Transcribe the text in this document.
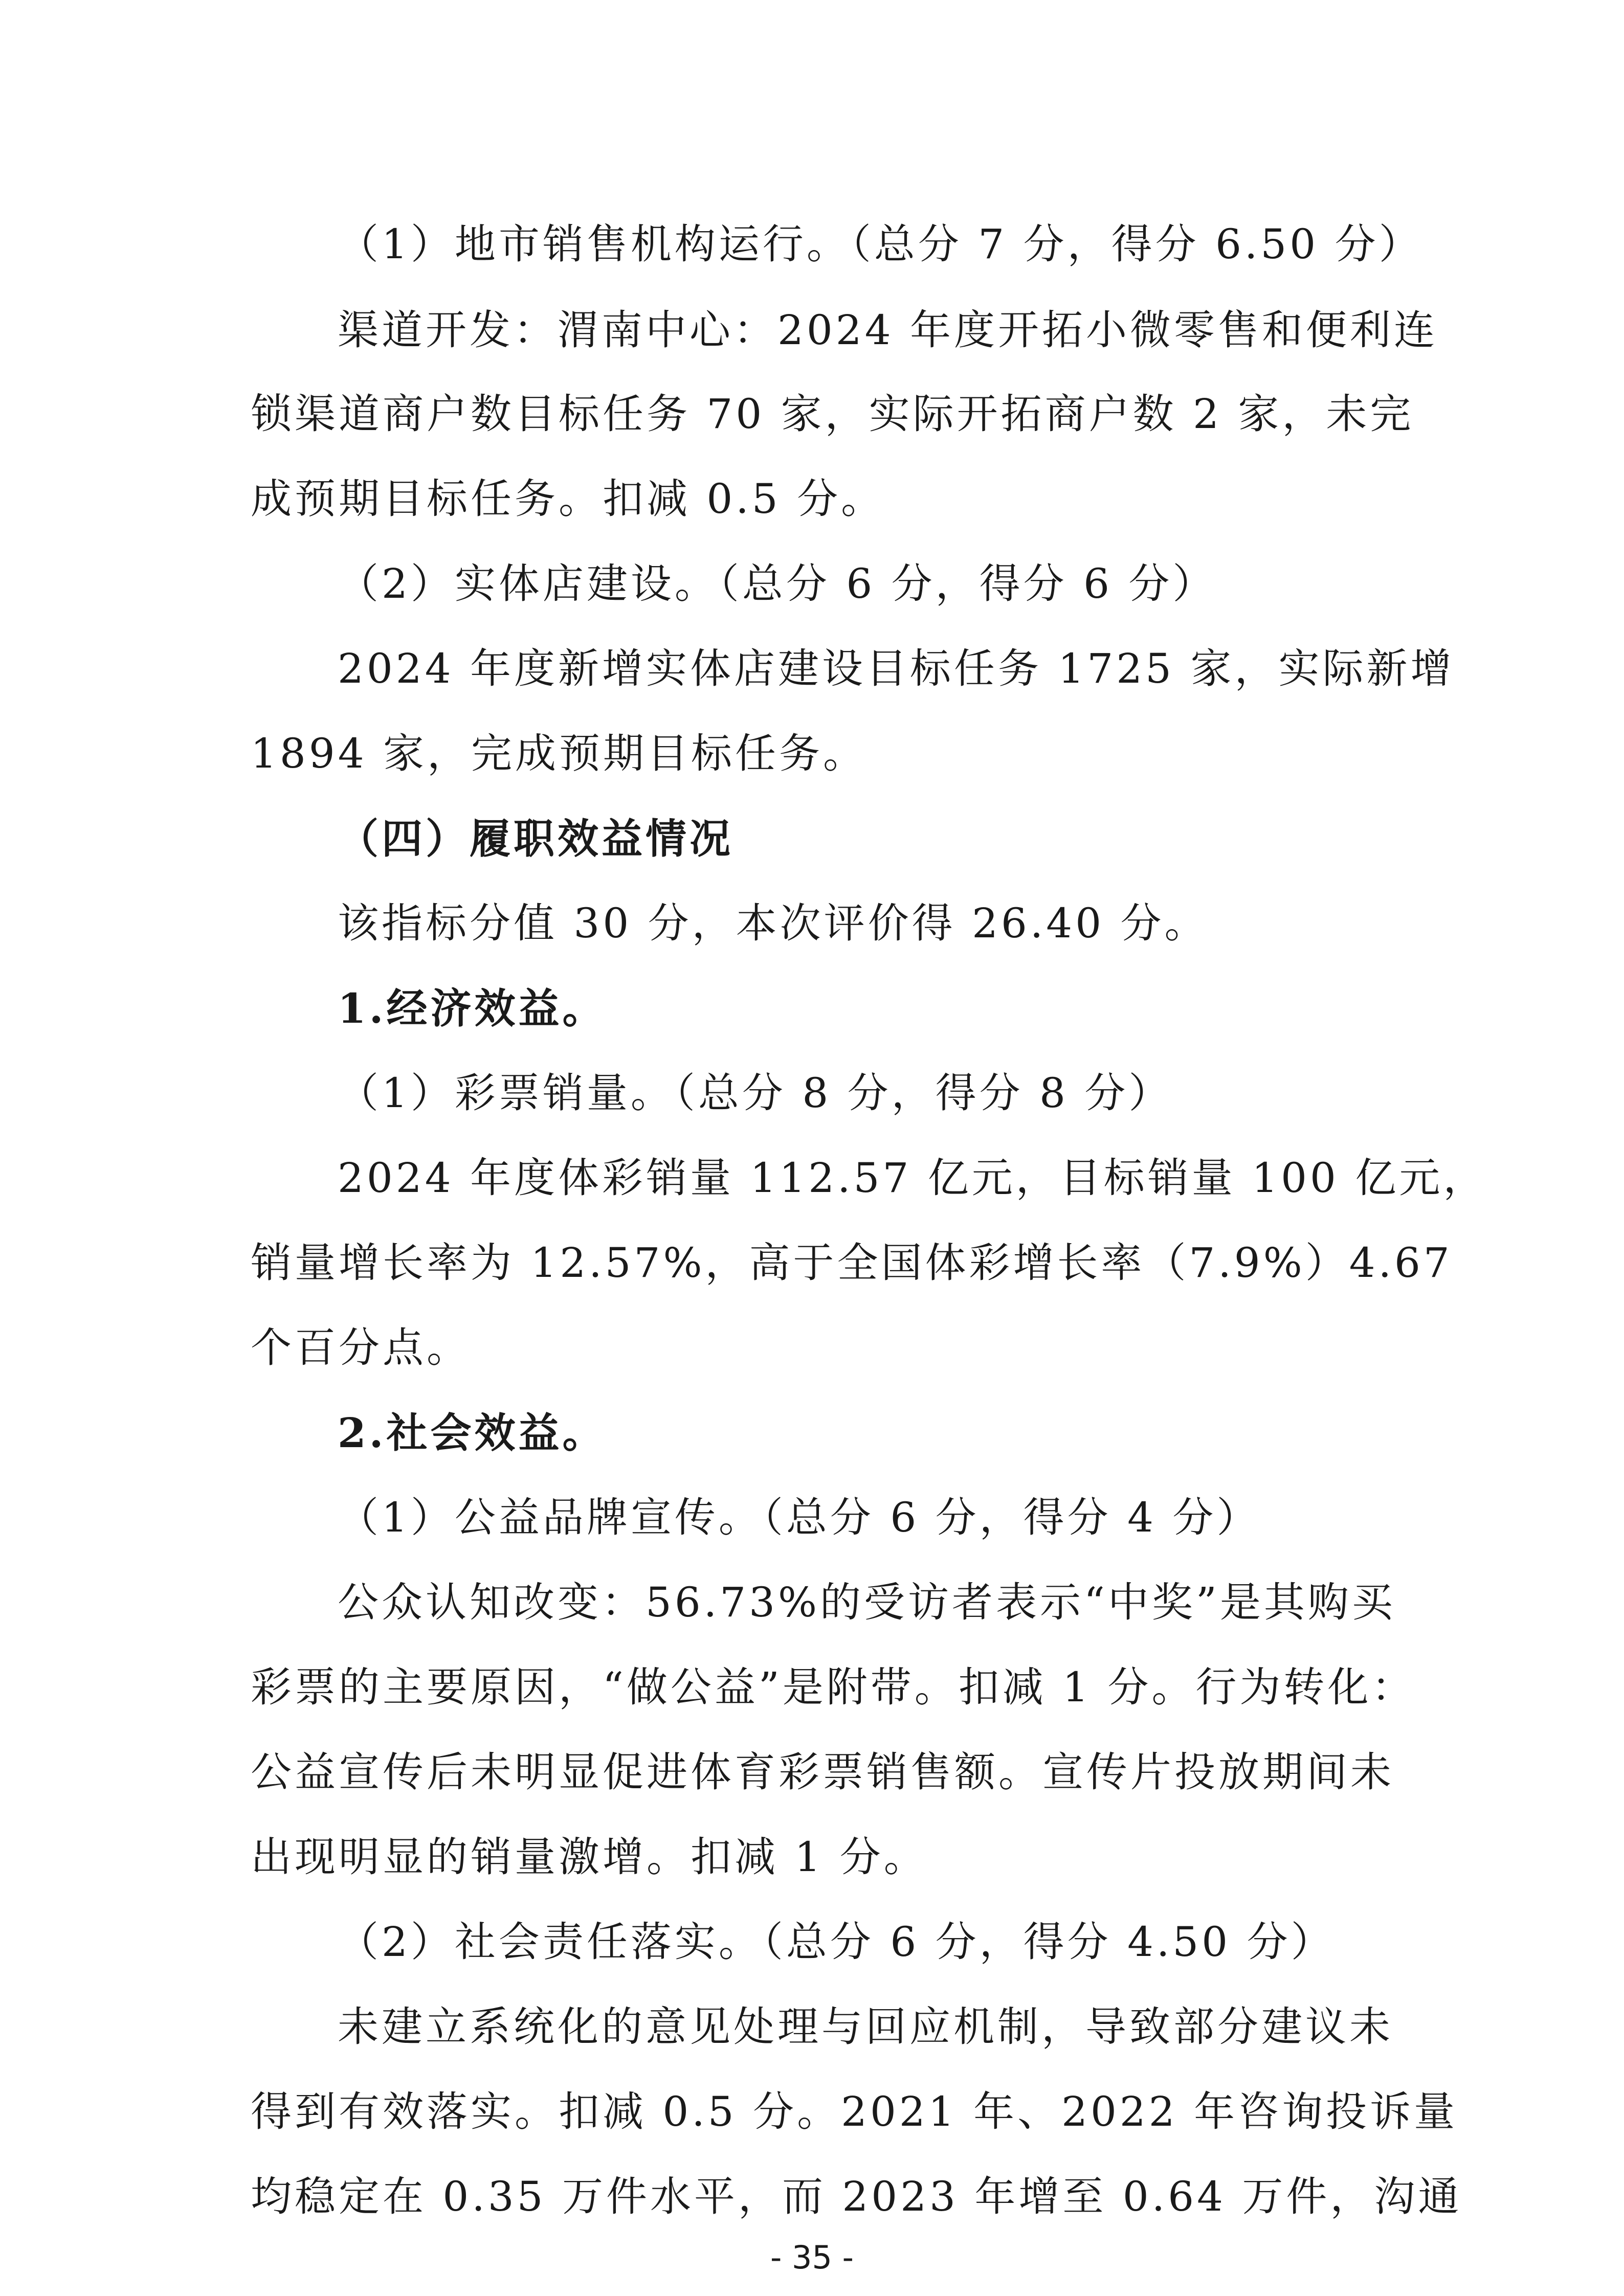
（1）地市销售机构运行。（总分 7 分，得分 6.50 分）
渠道开发：渭南中心：2024 年度开拓小微零售和便利连
锁渠道商户数目标任务 70 家，实际开拓商户数 2 家，未完
成预期目标任务。扣减 0.5 分。
（2）实体店建设。（总分 6 分，得分 6 分）
2024 年度新增实体店建设目标任务 1725 家，实际新增
1894 家，完成预期目标任务。
（四）履职效益情况
该指标分值 30 分，本次评价得 26.40 分。
1.经济效益。
（1）彩票销量。（总分 8 分，得分 8 分）
2024 年度体彩销量 112.57 亿元，目标销量 100 亿元，
销量增长率为 12.57%，高于全国体彩增长率（7.9%）4.67
个百分点。
2.社会效益。
（1）公益品牌宣传。（总分 6 分，得分 4 分）
公众认知改变：56.73%的受访者表示“中奖”是其购买
彩票的主要原因，“做公益”是附带。扣减 1 分。行为转化：
公益宣传后未明显促进体育彩票销售额。宣传片投放期间未
出现明显的销量激增。扣减 1 分。
（2）社会责任落实。（总分 6 分，得分 4.50 分）
未建立系统化的意见处理与回应机制，导致部分建议未
得到有效落实。扣减 0.5 分。2021 年、2022 年咨询投诉量
均稳定在 0.35 万件水平，而 2023 年增至 0.64 万件，沟通
- 35 -
